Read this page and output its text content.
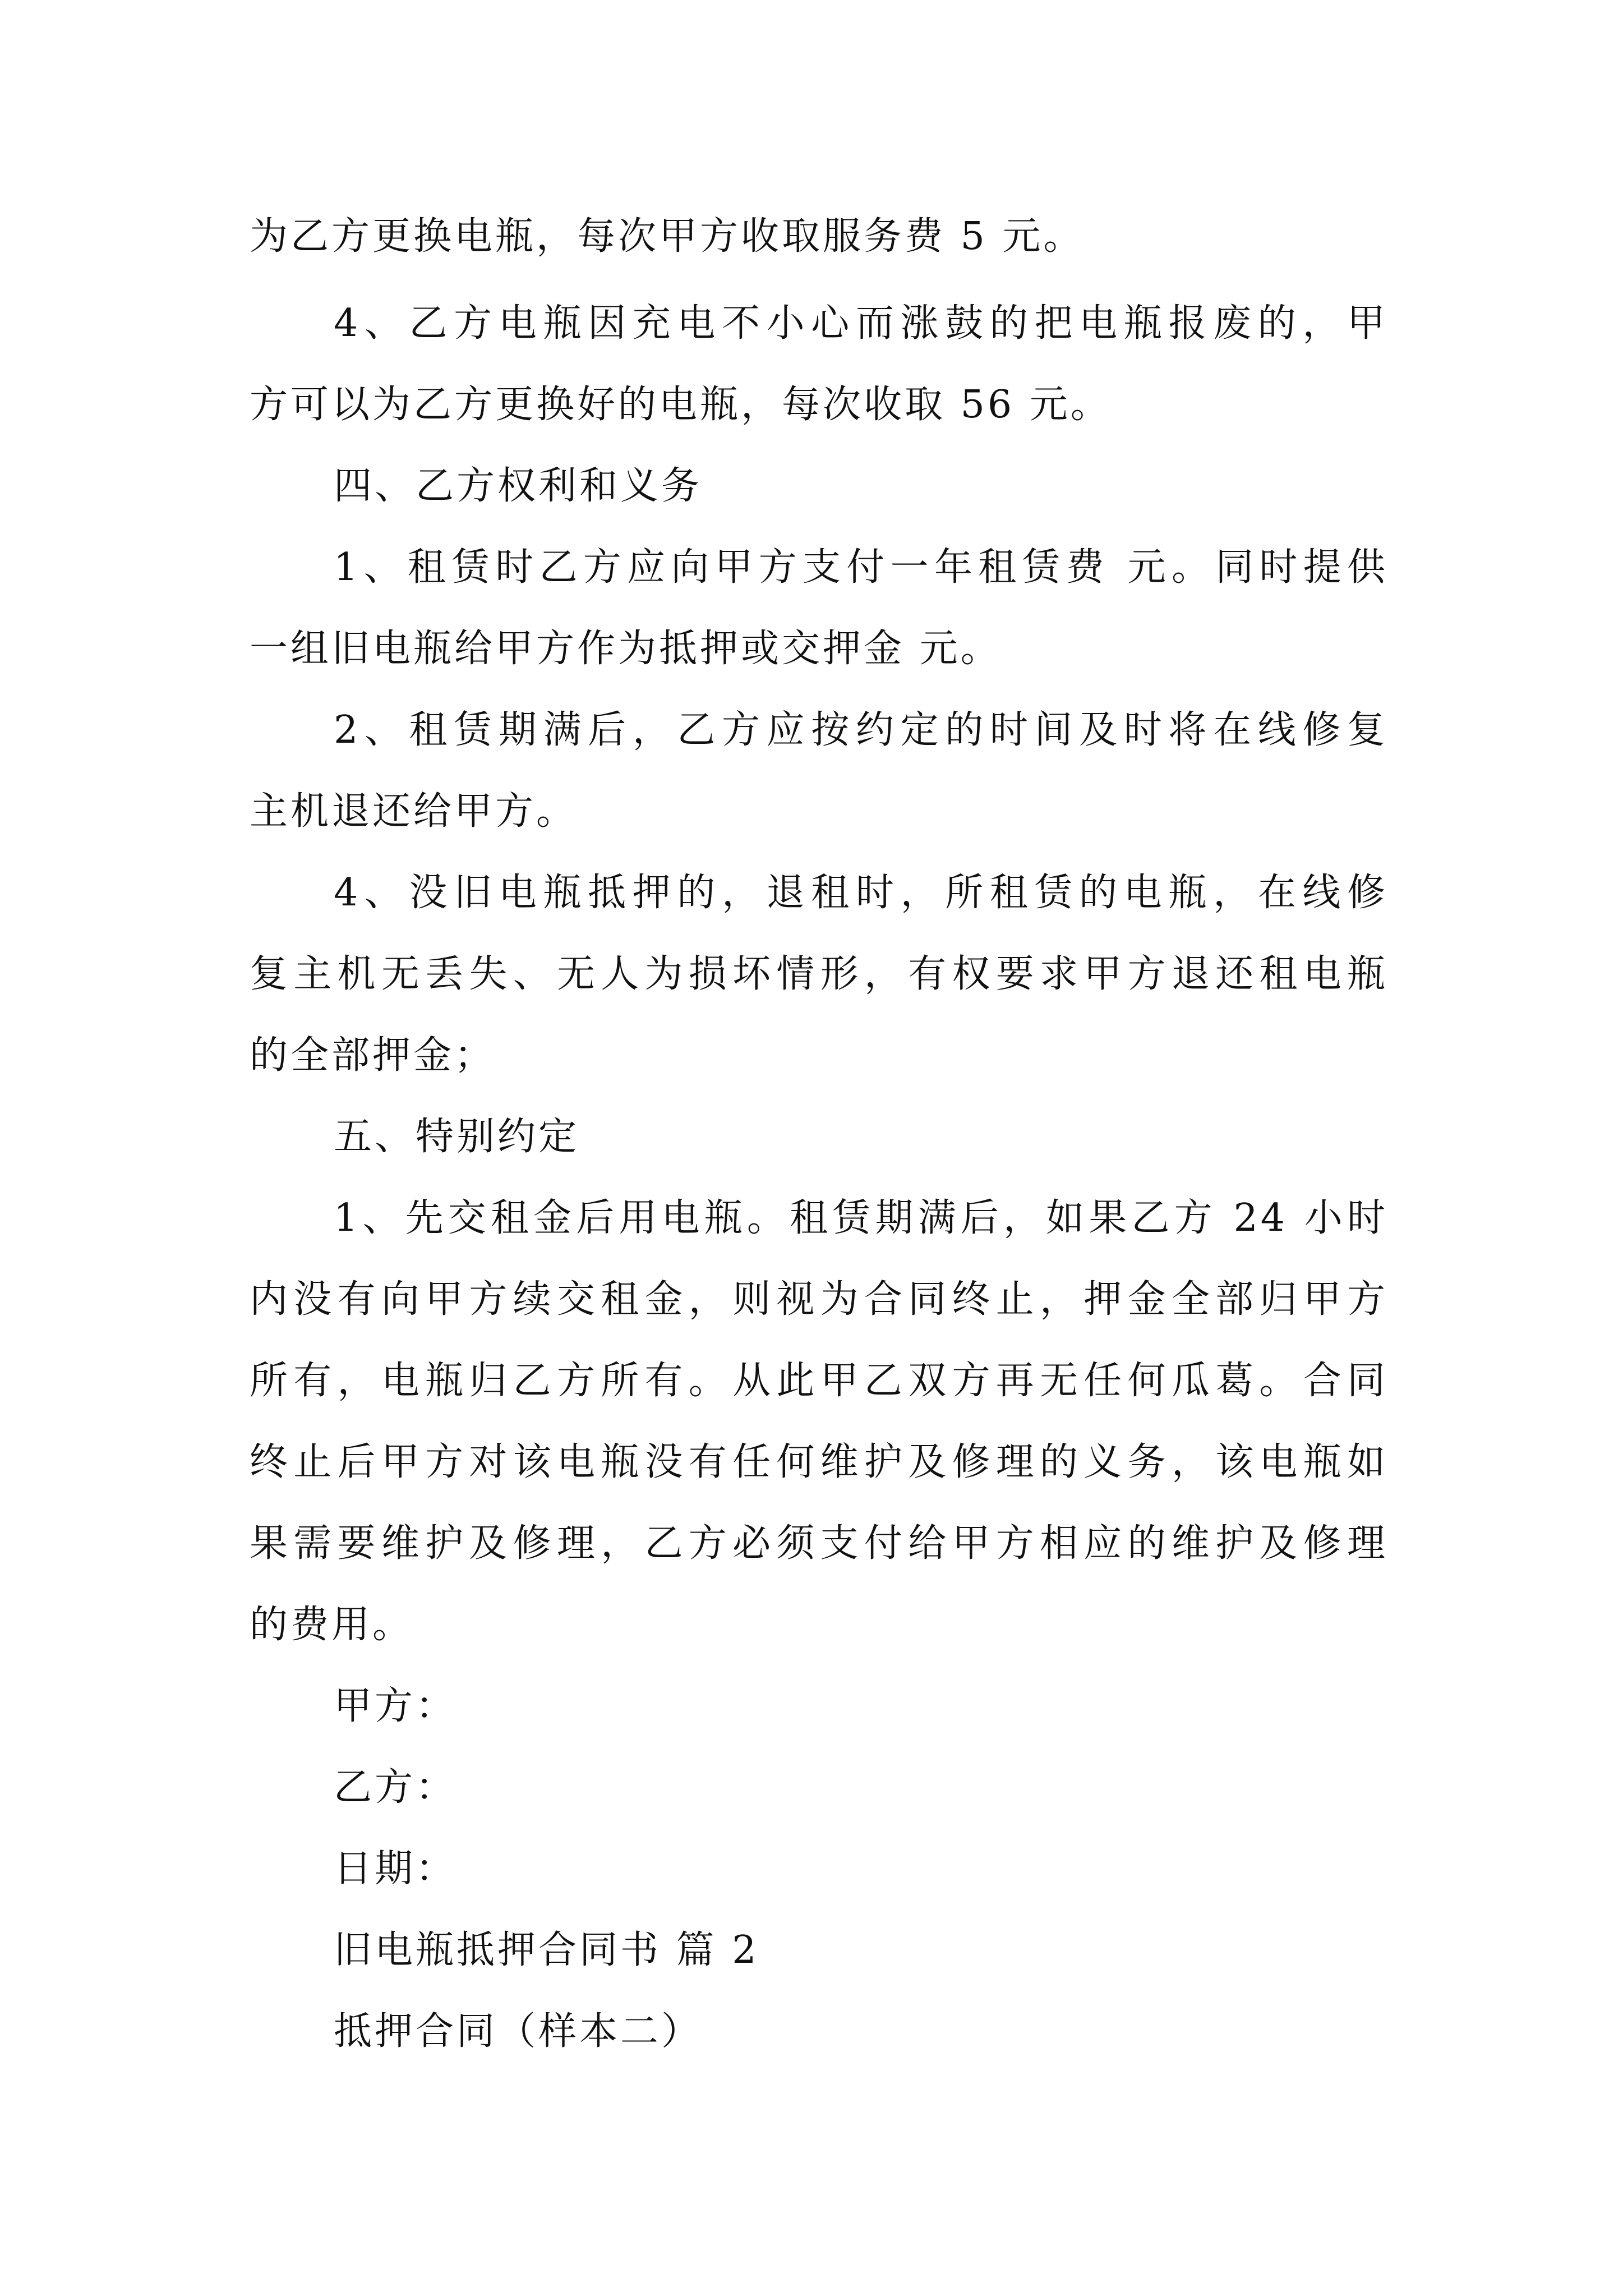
为乙方更换电瓶，每次甲方收取服务费 5 元。
4、乙方电瓶因充电不小心而涨鼓的把电瓶报废的，甲
方可以为乙方更换好的电瓶，每次收取 56 元。
四、乙方权利和义务
1、租赁时乙方应向甲方支付一年租赁费 元。同时提供
一组旧电瓶给甲方作为抵押或交押金 元。
2、租赁期满后，乙方应按约定的时间及时将在线修复
主机退还给甲方。
4、没旧电瓶抵押的，退租时，所租赁的电瓶，在线修
复主机无丢失、无人为损坏情形，有权要求甲方退还租电瓶
的全部押金；
五、特别约定
1、先交租金后用电瓶。租赁期满后，如果乙方 24 小时
内没有向甲方续交租金，则视为合同终止，押金全部归甲方
所有，电瓶归乙方所有。从此甲乙双方再无任何瓜葛。合同
终止后甲方对该电瓶没有任何维护及修理的义务，该电瓶如
果需要维护及修理，乙方必须支付给甲方相应的维护及修理
的费用。
甲方：
乙方：
日期：
旧电瓶抵押合同书 篇 2
抵押合同（样本二）
